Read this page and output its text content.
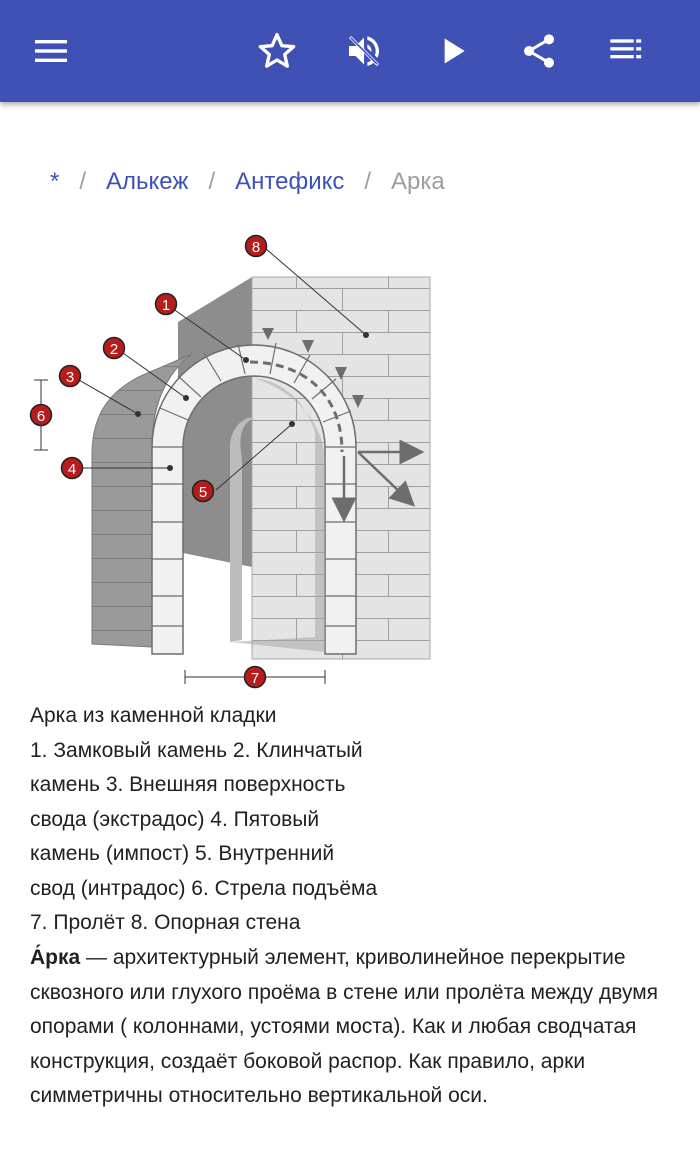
* / Алькеж / Антефикс / Арка
1
2
3
4
5
6
7
8

Арка из каменной кладки

1. Замковый камень 2. Клинчатый

камень 3. Внешняя поверхность

свода (экстрадос) 4. Пятовый

камень (импост) 5. Внутренний

свод (интрадос) 6. Стрела подъёма

7. Пролёт 8. Опорная стена

А́рка — архитектурный элемент, криволинейное перекрытие сквозного или глухого проёма в стене или пролёта между двумя опорами ( колоннами, устоями моста). Как и любая сводчатая конструкция, создаёт боковой распор. Как правило, арки симметричны относительно вертикальной оси.
